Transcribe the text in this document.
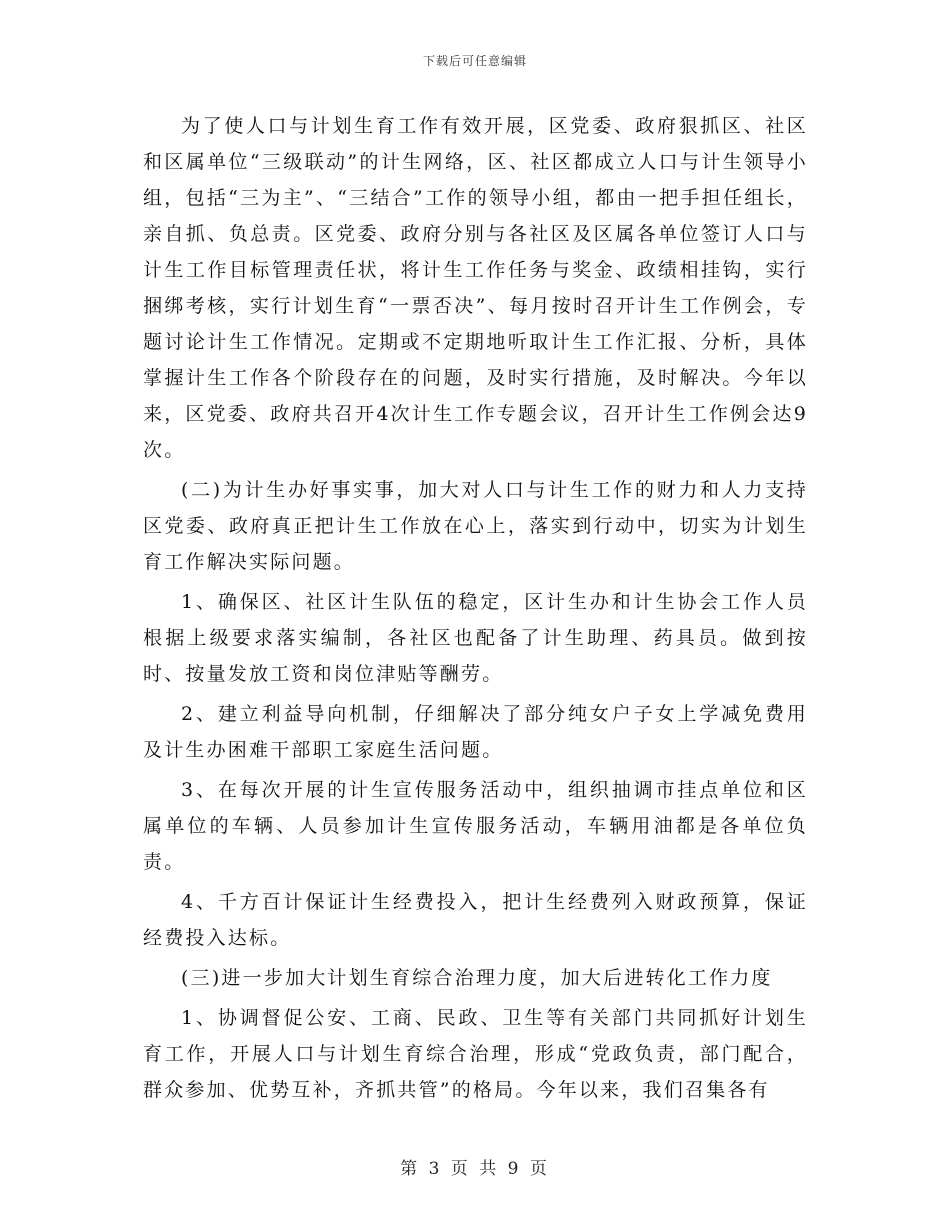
下载后可任意编辑

为了使人口与计划生育工作有效开展，区党委、政府狠抓区、社区和区属单位“三级联动”的计生网络，区、社区都成立人口与计生领导小组，包括“三为主”、“三结合”工作的领导小组，都由一把手担任组长，亲自抓、负总责。区党委、政府分别与各社区及区属各单位签订人口与计生工作目标管理责任状，将计生工作任务与奖金、政绩相挂钩，实行捆绑考核，实行计划生育“一票否决”、每月按时召开计生工作例会，专题讨论计生工作情况。定期或不定期地听取计生工作汇报、分析，具体掌握计生工作各个阶段存在的问题，及时实行措施，及时解决。今年以来，区党委、政府共召开4次计生工作专题会议，召开计生工作例会达9次。

(二)为计生办好事实事，加大对人口与计生工作的财力和人力支持　区党委、政府真正把计生工作放在心上，落实到行动中，切实为计划生育工作解决实际问题。

1、确保区、社区计生队伍的稳定，区计生办和计生协会工作人员根据上级要求落实编制，各社区也配备了计生助理、药具员。做到按时、按量发放工资和岗位津贴等酬劳。

2、建立利益导向机制，仔细解决了部分纯女户子女上学减免费用及计生办困难干部职工家庭生活问题。

3、在每次开展的计生宣传服务活动中，组织抽调市挂点单位和区属单位的车辆、人员参加计生宣传服务活动，车辆用油都是各单位负责。

4、千方百计保证计生经费投入，把计生经费列入财政预算，保证经费投入达标。

(三)进一步加大计划生育综合治理力度，加大后进转化工作力度

1、协调督促公安、工商、民政、卫生等有关部门共同抓好计划生育工作，开展人口与计划生育综合治理，形成“党政负责，部门配合，群众参加、优势互补，齐抓共管”的格局。今年以来，我们召集各有

第 3 页 共 9 页
